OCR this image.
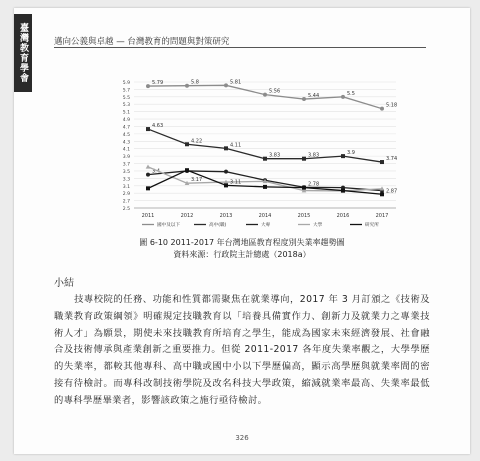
臺灣教育學會	邁向公義與卓越 — 台灣教育的問題與對策研究
2.5
2.7
2.9
3.1
3.3
3.5
3.7
3.9
4.1
4.3
4.5
4.7
4.9
5.1
5.3
5.5
5.7
5.9
2011	2012	2013	2014	2015	2016	2017
5.79	5.8	5.81
5.56
5.44	5.5
5.18
4.63
4.22
4.11
3.83	3.83	3.9
3.74
3.4
3.17	3.11	2.78
2.87
國中及以下	高中(職)	大專	大學	研究所
圖 6-10 2011-2017 年台灣地區教育程度別失業率趨勢圖
資料來源：行政院主計總處（2018a）
小結

技專校院的任務、功能和性質都需聚焦在就業導向，2017 年 3 月訂頒之《技術及職業教育政策綱領》明確規定技職教育以「培養具備實作力、創新力及就業力之專業技術人才」為願景，期使未來技職教育所培育之學生，能成為國家未來經濟發展、社會融合及技術傳承與產業創新之重要推力。但從 2011-2017 各年度失業率觀之，大學學歷的失業率，都較其他專科、高中職或國中小以下學歷偏高，顯示高學歷與就業率間的密接有待檢討。而專科改制技術學院及改名科技大學政策，縮減就業率最高、失業率最低的專科學歷畢業者，影響該政策之施行亟待檢討。

326
